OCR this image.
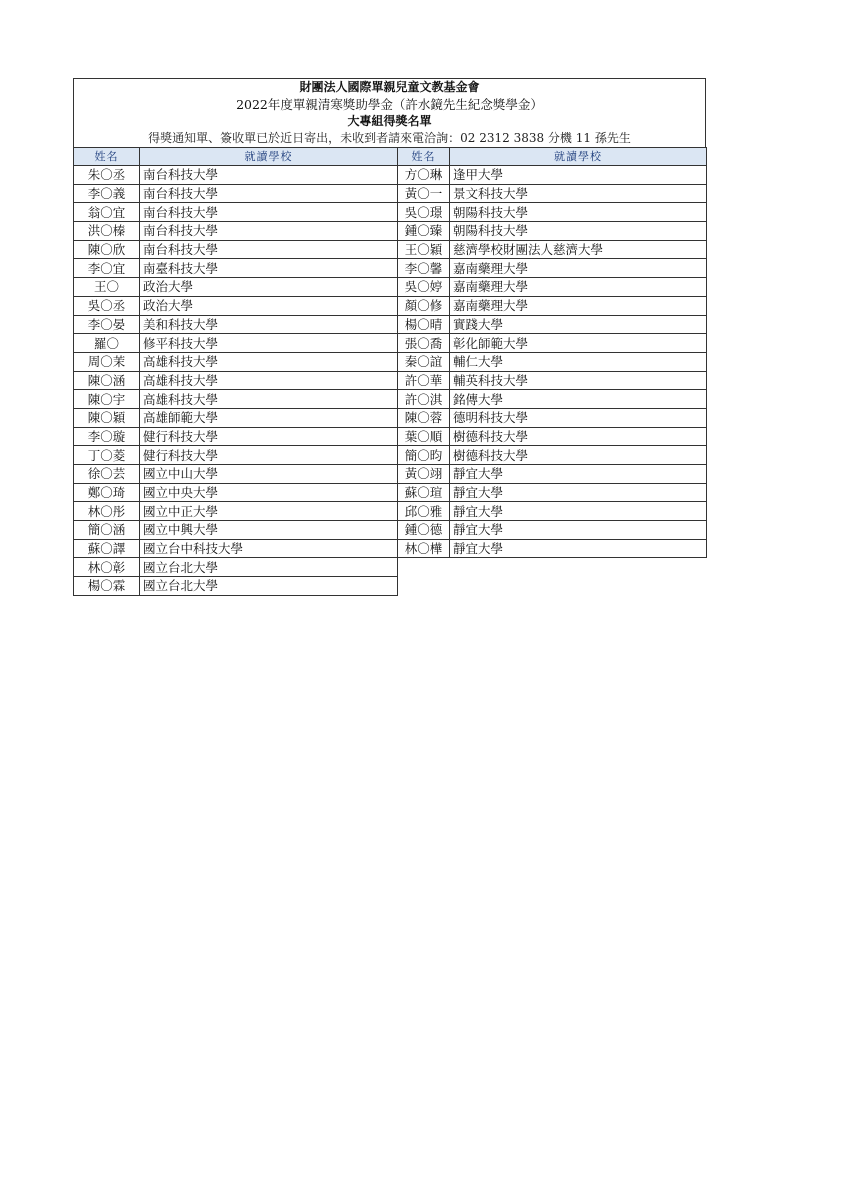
財團法人國際單親兒童文教基金會
2022年度單親清寒獎助學金（許水鏡先生紀念獎學金）
大專組得獎名單
得獎通知單、簽收單已於近日寄出，未收到者請來電洽詢：02 2312 3838 分機 11 孫先生
姓名	就讀學校	姓名	就讀學校
朱〇丞	南台科技大學	方〇琳	逢甲大學
李〇義	南台科技大學	黃〇一	景文科技大學
翁〇宜	南台科技大學	吳〇璟	朝陽科技大學
洪〇榛	南台科技大學	鍾〇臻	朝陽科技大學
陳〇欣	南台科技大學	王〇穎	慈濟學校財團法人慈濟大學
李〇宜	南臺科技大學	李〇馨	嘉南藥理大學
王〇	政治大學	吳〇婷	嘉南藥理大學
吳〇丞	政治大學	顏〇修	嘉南藥理大學
李〇晏	美和科技大學	楊〇晴	實踐大學
羅〇	修平科技大學	張〇喬	彰化師範大學
周〇茉	高雄科技大學	秦〇誼	輔仁大學
陳〇涵	高雄科技大學	許〇華	輔英科技大學
陳〇宇	高雄科技大學	許〇淇	銘傳大學
陳〇穎	高雄師範大學	陳〇蓉	德明科技大學
李〇璇	健行科技大學	葉〇順	樹德科技大學
丁〇菱	健行科技大學	簡〇昀	樹德科技大學
徐〇芸	國立中山大學	黃〇翊	靜宜大學
鄭〇琦	國立中央大學	蘇〇瑄	靜宜大學
林〇彤	國立中正大學	邱〇雅	靜宜大學
簡〇涵	國立中興大學	鍾〇德	靜宜大學
蘇〇譯	國立台中科技大學	林〇樺	靜宜大學
林〇彰	國立台北大學		
楊〇霖	國立台北大學		
